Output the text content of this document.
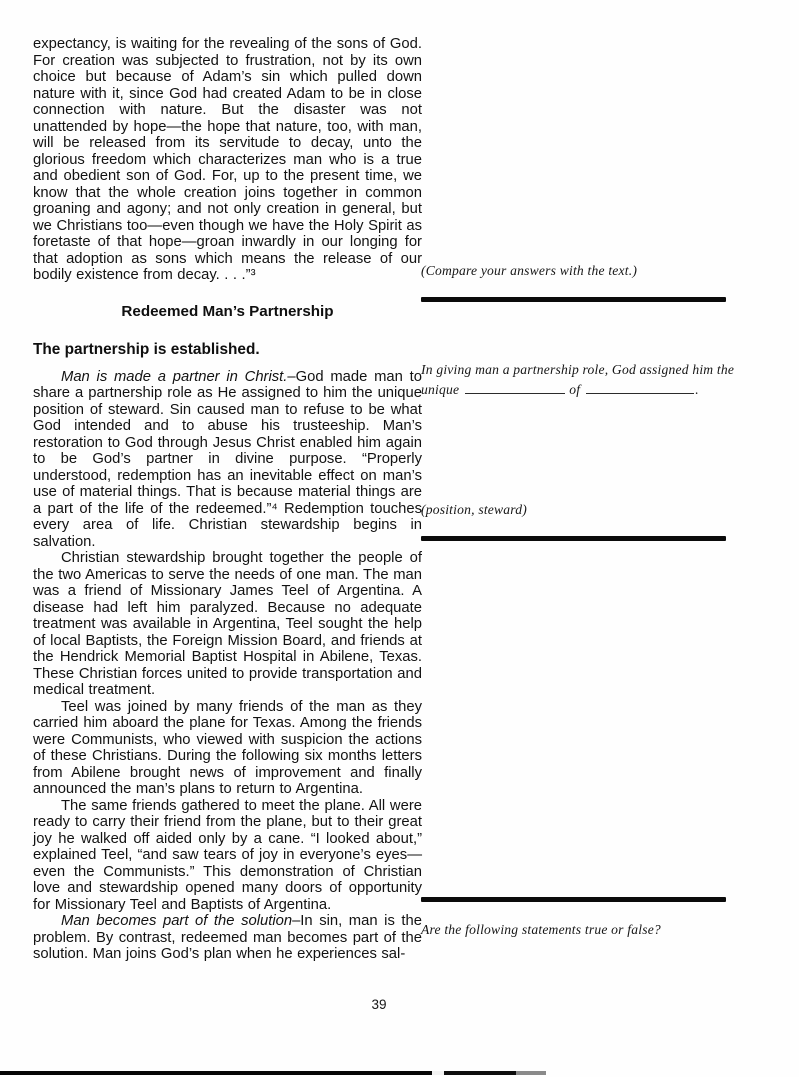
expectancy, is waiting for the revealing of the sons of God. For creation was subjected to frustration, not by its own choice but because of Adam’s sin which pulled down nature with it, since God had created Adam to be in close connection with nature. But the disaster was not unattended by hope—the hope that nature, too, with man, will be released from its servitude to decay, unto the glorious freedom which characterizes man who is a true and obedient son of God. For, up to the present time, we know that the whole creation joins together in common groaning and agony; and not only creation in general, but we Christians too—even though we have the Holy Spirit as foretaste of that hope—groan inwardly in our longing for that adoption as sons which means the release of our bodily existence from decay. . . .”³

Redeemed Man’s Partnership
The partnership is established.

Man is made a partner in Christ.–God made man to share a partnership role as He assigned to him the unique position of steward. Sin caused man to refuse to be what God intended and to abuse his trusteeship. Man’s restoration to God through Jesus Christ enabled him again to be God’s partner in divine purpose. “Properly understood, redemption has an inevitable effect on man’s use of material things. That is because material things are a part of the life of the redeemed.”⁴ Redemption touches every area of life. Christian stewardship begins in salvation.

Christian stewardship brought together the people of the two Americas to serve the needs of one man. The man was a friend of Missionary James Teel of Argentina. A disease had left him paralyzed. Because no adequate treatment was available in Argentina, Teel sought the help of local Baptists, the Foreign Mission Board, and friends at the Hendrick Memorial Baptist Hospital in Abilene, Texas. These Christian forces united to provide transportation and medical treatment.

Teel was joined by many friends of the man as they carried him aboard the plane for Texas. Among the friends were Communists, who viewed with suspicion the actions of these Christians. During the following six months letters from Abilene brought news of improvement and finally announced the man’s plans to return to Argentina.

The same friends gathered to meet the plane. All were ready to carry their friend from the plane, but to their great joy he walked off aided only by a cane. “I looked about,” explained Teel, “and saw tears of joy in everyone’s eyes—even the Communists.” This demonstration of Christian love and stewardship opened many doors of opportunity for Missionary Teel and Baptists of Argentina.

Man becomes part of the solution–In sin, man is the problem. By contrast, redeemed man becomes part of the solution. Man joins God’s plan when he experiences sal-

(Compare your answers with the text.)
In giving man a partnership role, God assigned him the
unique	of	.
(position, steward)
Are the following statements true or false?
39
